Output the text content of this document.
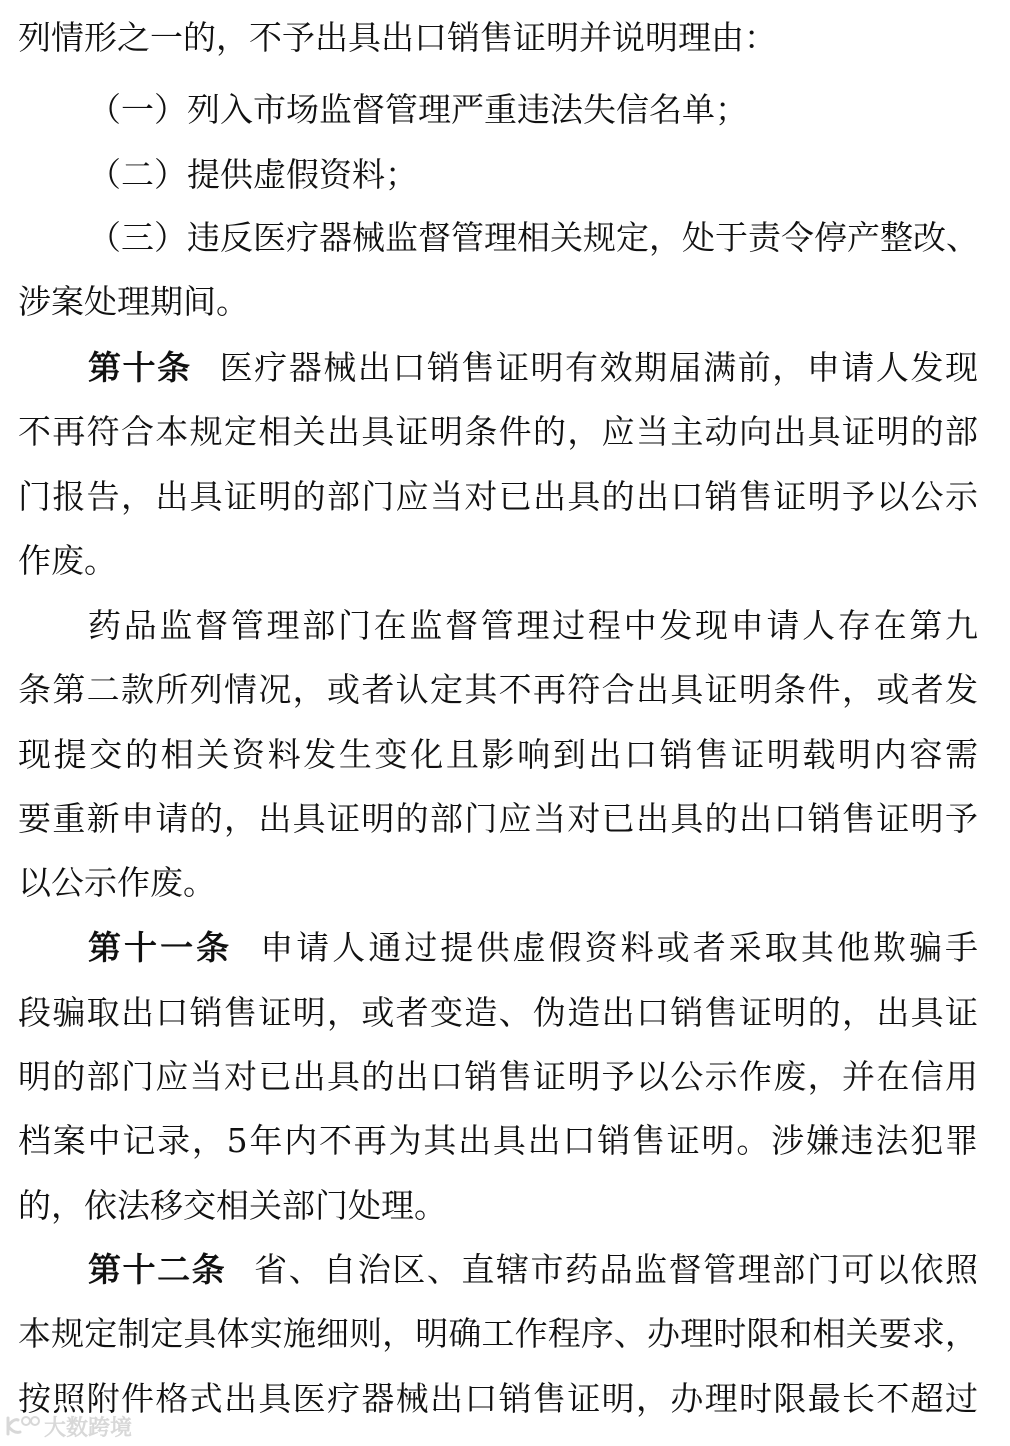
列情形之一的，不予出具出口销售证明并说明理由：
（一）列入市场监督管理严重违法失信名单；
（二）提供虚假资料；
（三）违反医疗器械监督管理相关规定，处于责令停产整改、
涉案处理期间。
第十条 医疗器械出口销售证明有效期届满前，申请人发现
不再符合本规定相关出具证明条件的，应当主动向出具证明的部
门报告，出具证明的部门应当对已出具的出口销售证明予以公示
作废。
药品监督管理部门在监督管理过程中发现申请人存在第九
条第二款所列情况，或者认定其不再符合出具证明条件，或者发
现提交的相关资料发生变化且影响到出口销售证明载明内容需
要重新申请的，出具证明的部门应当对已出具的出口销售证明予
以公示作废。
第十一条 申请人通过提供虚假资料或者采取其他欺骗手
段骗取出口销售证明，或者变造、伪造出口销售证明的，出具证
明的部门应当对已出具的出口销售证明予以公示作废，并在信用
档案中记录，5年内不再为其出具出口销售证明。涉嫌违法犯罪
的，依法移交相关部门处理。
第十二条 省、自治区、直辖市药品监督管理部门可以依照
本规定制定具体实施细则，明确工作程序、办理时限和相关要求，
按照附件格式出具医疗器械出口销售证明，办理时限最长不超过
大数跨境
